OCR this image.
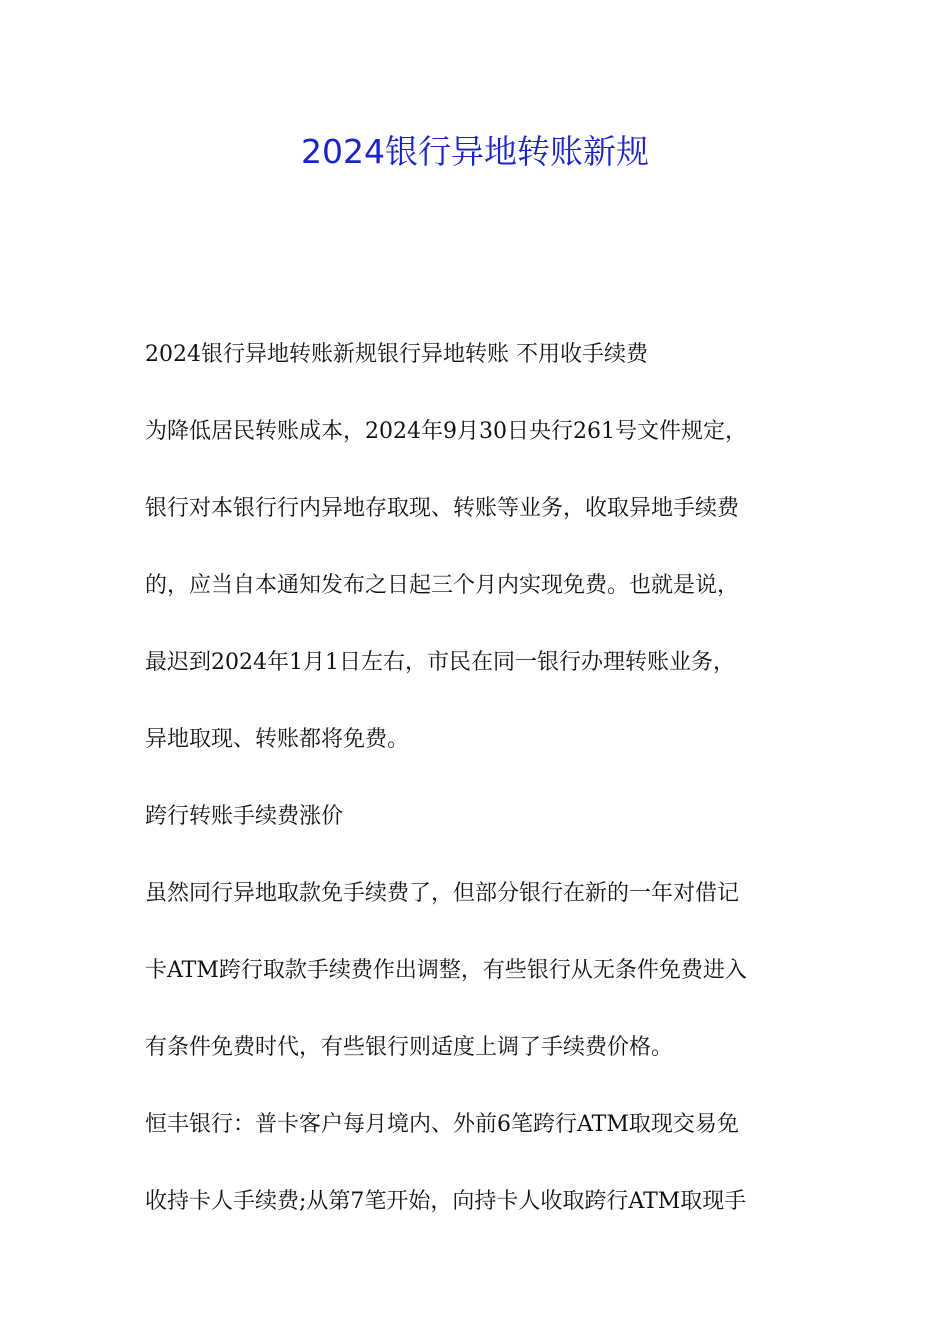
2024银行异地转账新规

2024银行异地转账新规银行异地转账 不用收手续费

为降低居民转账成本，2024年9月30日央行261号文件规定，

银行对本银行行内异地存取现、转账等业务，收取异地手续费

的，应当自本通知发布之日起三个月内实现免费。也就是说，

最迟到2024年1月1日左右，市民在同一银行办理转账业务，

异地取现、转账都将免费。

跨行转账手续费涨价

虽然同行异地取款免手续费了，但部分银行在新的一年对借记

卡ATM跨行取款手续费作出调整，有些银行从无条件免费进入

有条件免费时代，有些银行则适度上调了手续费价格。

恒丰银行：普卡客户每月境内、外前6笔跨行ATM取现交易免

收持卡人手续费;从第7笔开始，向持卡人收取跨行ATM取现手
